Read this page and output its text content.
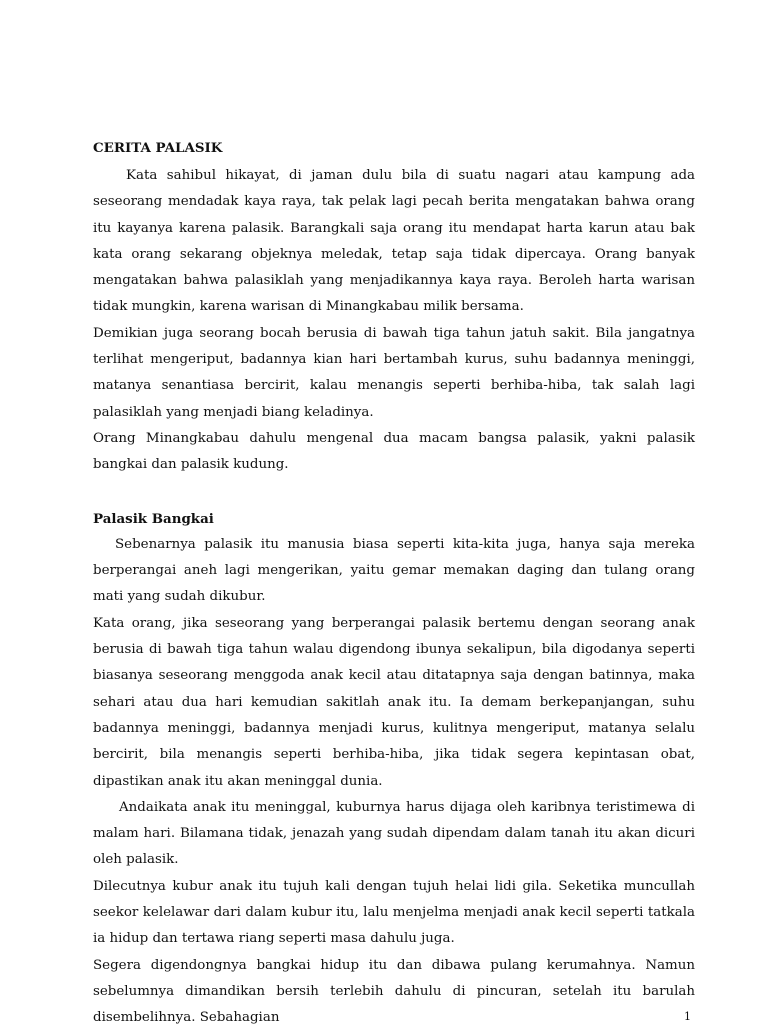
CERITA PALASIK

Kata sahibul hikayat, di jaman dulu bila di suatu nagari atau kampung ada seseorang mendadak kaya raya, tak pelak lagi pecah berita mengatakan bahwa orang itu kayanya karena palasik. Barangkali saja orang itu mendapat harta karun atau bak kata orang sekarang objeknya meledak, tetap saja tidak dipercaya. Orang banyak mengatakan bahwa palasiklah yang menjadikannya kaya raya. Beroleh harta warisan tidak mungkin, karena warisan di Minangkabau milik bersama.

Demikian juga seorang bocah berusia di bawah tiga tahun jatuh sakit. Bila jangatnya terlihat mengeriput, badannya kian hari bertambah kurus, suhu badannya meninggi, matanya senantiasa bercirit, kalau menangis seperti berhiba-hiba, tak salah lagi palasiklah yang menjadi biang keladinya.

Orang Minangkabau dahulu mengenal dua macam bangsa palasik, yakni palasik bangkai dan palasik kudung.

Palasik Bangkai

Sebenarnya palasik itu manusia biasa seperti kita-kita juga, hanya saja mereka berperangai aneh lagi mengerikan, yaitu gemar memakan daging dan tulang orang mati yang sudah dikubur.

Kata orang, jika seseorang yang berperangai palasik bertemu dengan seorang anak berusia di bawah tiga tahun walau digendong ibunya sekalipun, bila digodanya seperti biasanya seseorang menggoda anak kecil atau ditatapnya saja dengan batinnya, maka sehari atau dua hari kemudian sakitlah anak itu. Ia demam berkepanjangan, suhu badannya meninggi, badannya menjadi kurus, kulitnya mengeriput, matanya selalu bercirit, bila menangis seperti berhiba-hiba, jika tidak segera kepintasan obat, dipastikan anak itu akan meninggal dunia.

Andaikata anak itu meninggal, kuburnya harus dijaga oleh karibnya teristimewa di malam hari. Bilamana tidak, jenazah yang sudah dipendam dalam tanah itu akan dicuri oleh palasik.

Dilecutnya kubur anak itu tujuh kali dengan tujuh helai lidi gila. Seketika muncullah seekor kelelawar dari dalam kubur itu, lalu menjelma menjadi anak kecil seperti tatkala ia hidup dan tertawa riang seperti masa dahulu juga.

Segera digendongnya bangkai hidup itu dan dibawa pulang kerumahnya. Namun sebelumnya dimandikan bersih terlebih dahulu di pincuran, setelah itu barulah disembelihnya. Sebahagian	1
